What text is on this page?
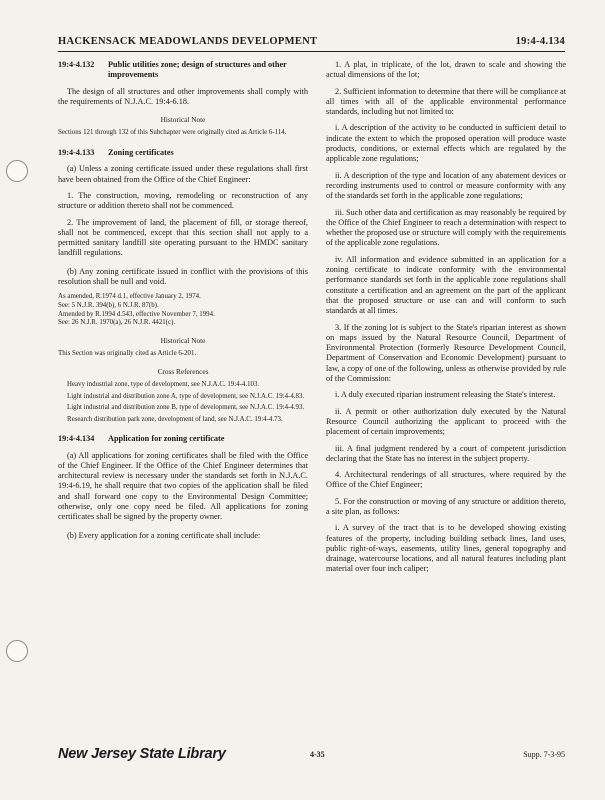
HACKENSACK MEADOWLANDS DEVELOPMENT	19:4-4.134
19:4-4.132 Public utilities zone; design of structures and other improvements

The design of all structures and other improvements shall comply with the requirements of N.J.A.C. 19:4-6.18.

Historical Note

Sections 121 through 132 of this Subchapter were originally cited as Article 6-114.

19:4-4.133 Zoning certificates

(a) Unless a zoning certificate issued under these regulations shall first have been obtained from the Office of the Chief Engineer:

1. The construction, moving, remodeling or reconstruction of any structure or addition thereto shall not be commenced.

2. The improvement of land, the placement of fill, or storage thereof, shall not be commenced, except that this section shall not apply to a permitted sanitary landfill site operating pursuant to the HMDC sanitary landfill regulations.

(b) Any zoning certificate issued in conflict with the provisions of this resolution shall be null and void.

As amended, R.1974 d.1, effective January 2, 1974.

See: 5 N.J.R. 394(b), 6 N.J.R. 87(b).

Amended by R.1994 d.543, effective November 7, 1994.

See: 26 N.J.R. 1970(a), 26 N.J.R. 4421(c).

Historical Note

This Section was originally cited as Article 6-201.

Cross References

Heavy industrial zone, type of development, see N.J.A.C. 19:4-4.103.

Light industrial and distribution zone A, type of development, see N.J.A.C. 19:4-4.83.

Light industrial and distribution zone B, type of development, see N.J.A.C. 19:4-4.93.

Research distribution park zone, development of land, see N.J.A.C. 19:4-4.73.

19:4-4.134 Application for zoning certificate

(a) All applications for zoning certificates shall be filed with the Office of the Chief Engineer. If the Office of the Chief Engineer determines that architectural review is necessary under the standards set forth in N.J.A.C. 19:4-6.19, he shall require that two copies of the application shall be filed and shall forward one copy to the Environmental Design Committee; otherwise, only one copy need be filed. All applications for zoning certificates shall be signed by the property owner.

(b) Every application for a zoning certificate shall include:

1. A plat, in triplicate, of the lot, drawn to scale and showing the actual dimensions of the lot;

2. Sufficient information to determine that there will be compliance at all times with all of the applicable environmental performance standards, including but not limited to:

i. A description of the activity to be conducted in sufficient detail to indicate the extent to which the proposed operation will produce waste products, conditions, or external effects which are regulated by the applicable zone regulations;

ii. A description of the type and location of any abatement devices or recording instruments used to control or measure conformity with any of the standards set forth in the applicable zone regulations;

iii. Such other data and certification as may reasonably be required by the Office of the Chief Engineer to reach a determination with respect to whether the proposed use or structure will comply with the requirements of the applicable zone regulations.

iv. All information and evidence submitted in an application for a zoning certificate to indicate conformity with the environmental performance standards set forth in the applicable zone regulations shall constitute a certification and an agreement on the part of the applicant that the proposed structure or use can and will conform to such standards at all times.

3. If the zoning lot is subject to the State's riparian interest as shown on maps issued by the Natural Resource Council, Department of Environmental Protection (formerly Resource Development Council, Department of Conservation and Economic Development) pursuant to law, a copy of one of the following, unless as otherwise provided by rule of the Commission:

i. A duly executed riparian instrument releasing the State's interest.

ii. A permit or other authorization duly executed by the Natural Resource Council authorizing the applicant to proceed with the placement of certain improvements;

iii. A final judgment rendered by a court of competent jurisdiction declaring that the State has no interest in the subject property.

4. Architectural renderings of all structures, where required by the Office of the Chief Engineer;

5. For the construction or moving of any structure or addition thereto, a site plan, as follows:

i. A survey of the tract that is to be developed showing existing features of the property, including building setback lines, land uses, public right-of-ways, easements, utility lines, general topography and drainage, watercourse locations, and all natural features including plant material over four inch caliper;

New Jersey State Library	4-35	Supp. 7-3-95
